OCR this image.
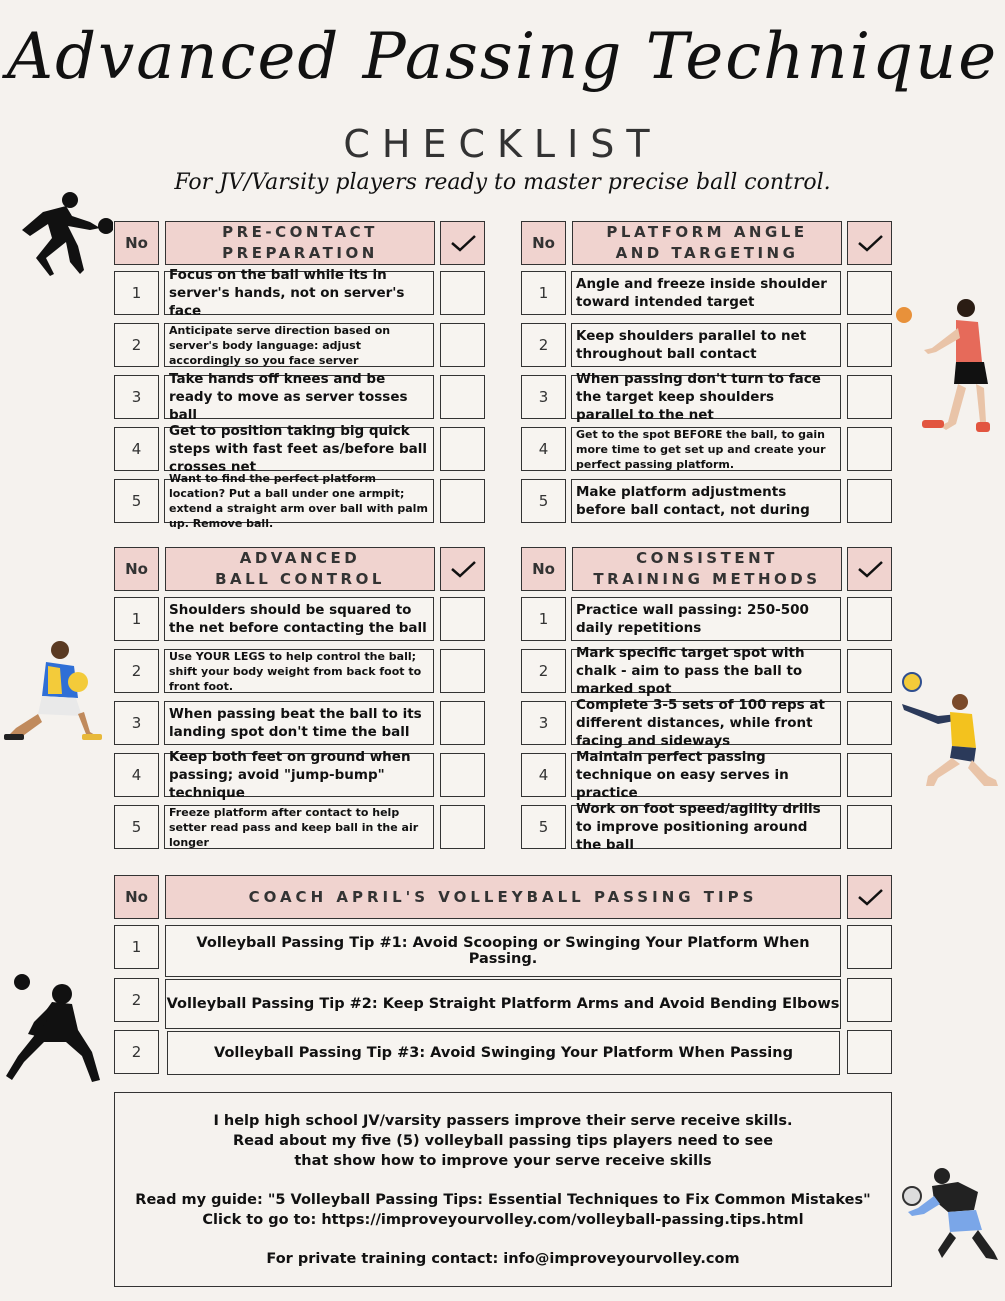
Advanced Passing Technique
CHECKLIST
For JV/Varsity players ready to master precise ball control.
No
PRE-CONTACT
PREPARATION
1
Focus on the ball while its in server's hands, not on server's face
2
Anticipate serve direction based on server's body language: adjust accordingly so you face server
3
Take hands off knees and be ready to move as server tosses ball
4
Get to position taking big quick steps with fast feet as/before ball crosses net
5
Want to find the perfect platform location? Put a ball under one armpit; extend a straight arm over ball with palm up. Remove ball.
No
PLATFORM ANGLE
AND TARGETING
1	Angle and freeze inside shoulder toward intended target
2	Keep shoulders parallel to net throughout ball contact
3
When passing don't turn to face the target keep shoulders parallel to the net
4
Get to the spot BEFORE the ball, to gain more time to get set up and create your perfect passing platform.
5	Make platform adjustments before ball contact, not during
No
ADVANCED
BALL CONTROL
1	Shoulders should be squared to the net before contacting the ball
2
Use YOUR LEGS to help control the ball; shift your body weight from back foot to front foot.
3	When passing beat the ball to its landing spot don't time the ball
4
Keep both feet on ground when passing; avoid "jump-bump" technique
5
Freeze platform after contact to help setter read pass and keep ball in the air longer
No
CONSISTENT
TRAINING METHODS
1	Practice wall passing: 250-500 daily repetitions
2
Mark specific target spot with chalk - aim to pass the ball to marked spot
3
Complete 3-5 sets of 100 reps at different distances, while front facing and sideways
4
Maintain perfect passing technique on easy serves in practice
5
Work on foot speed/agility drills to improve positioning around the ball
No	COACH APRIL'S VOLLEYBALL PASSING TIPS
1	Volleyball Passing Tip #1: Avoid Scooping or Swinging Your Platform When Passing.
2	Volleyball Passing Tip #2: Keep Straight Platform Arms and Avoid Bending Elbows
2	Volleyball Passing Tip #3: Avoid Swinging Your Platform When Passing

I help high school JV/varsity passers improve their serve receive skills.

Read about my five (5) volleyball passing tips players need to see

that show how to improve your serve receive skills

Read my guide: "5 Volleyball Passing Tips: Essential Techniques to Fix Common Mistakes"

Click to go to: https://improveyourvolley.com/volleyball-passing.tips.html

For private training contact: info@improveyourvolley.com
